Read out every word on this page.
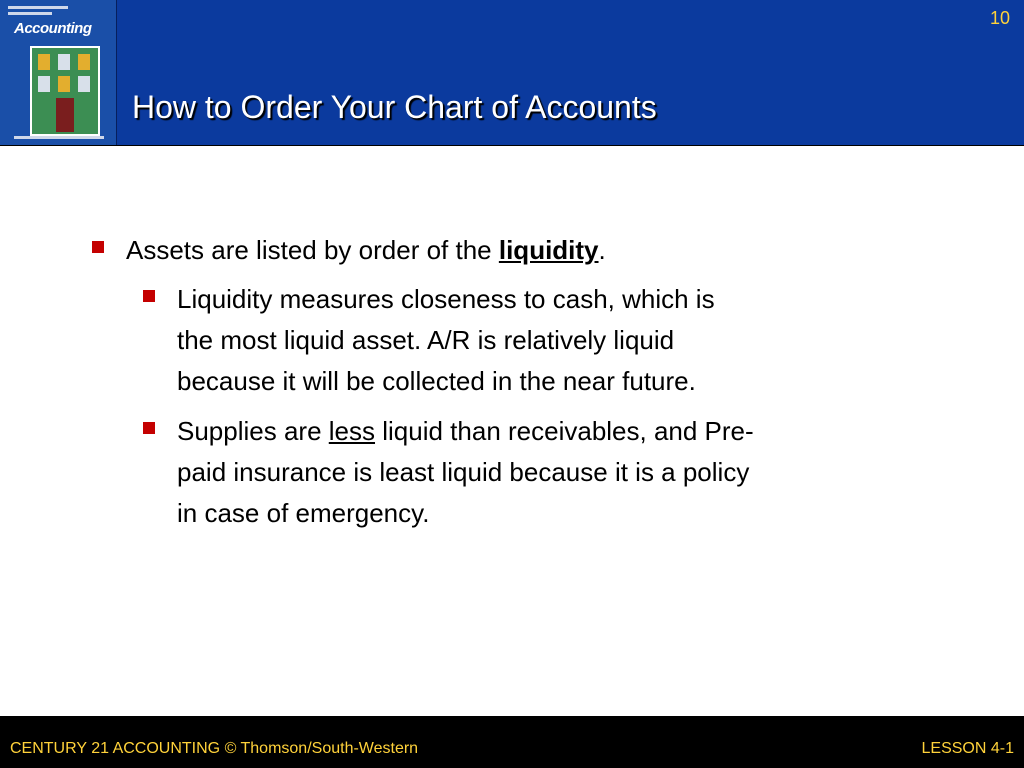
Accounting
10
How to Order Your Chart of Accounts
Assets are listed by order of the liquidity.
Liquidity measures closeness to cash, which is
the most liquid asset. A/R is relatively liquid
because it will be collected in the near future.
Supplies are less liquid than receivables, and Pre-
paid insurance is least liquid because it is a policy
in case of emergency.
CENTURY 21 ACCOUNTING © Thomson/South-Western	LESSON 4-1
